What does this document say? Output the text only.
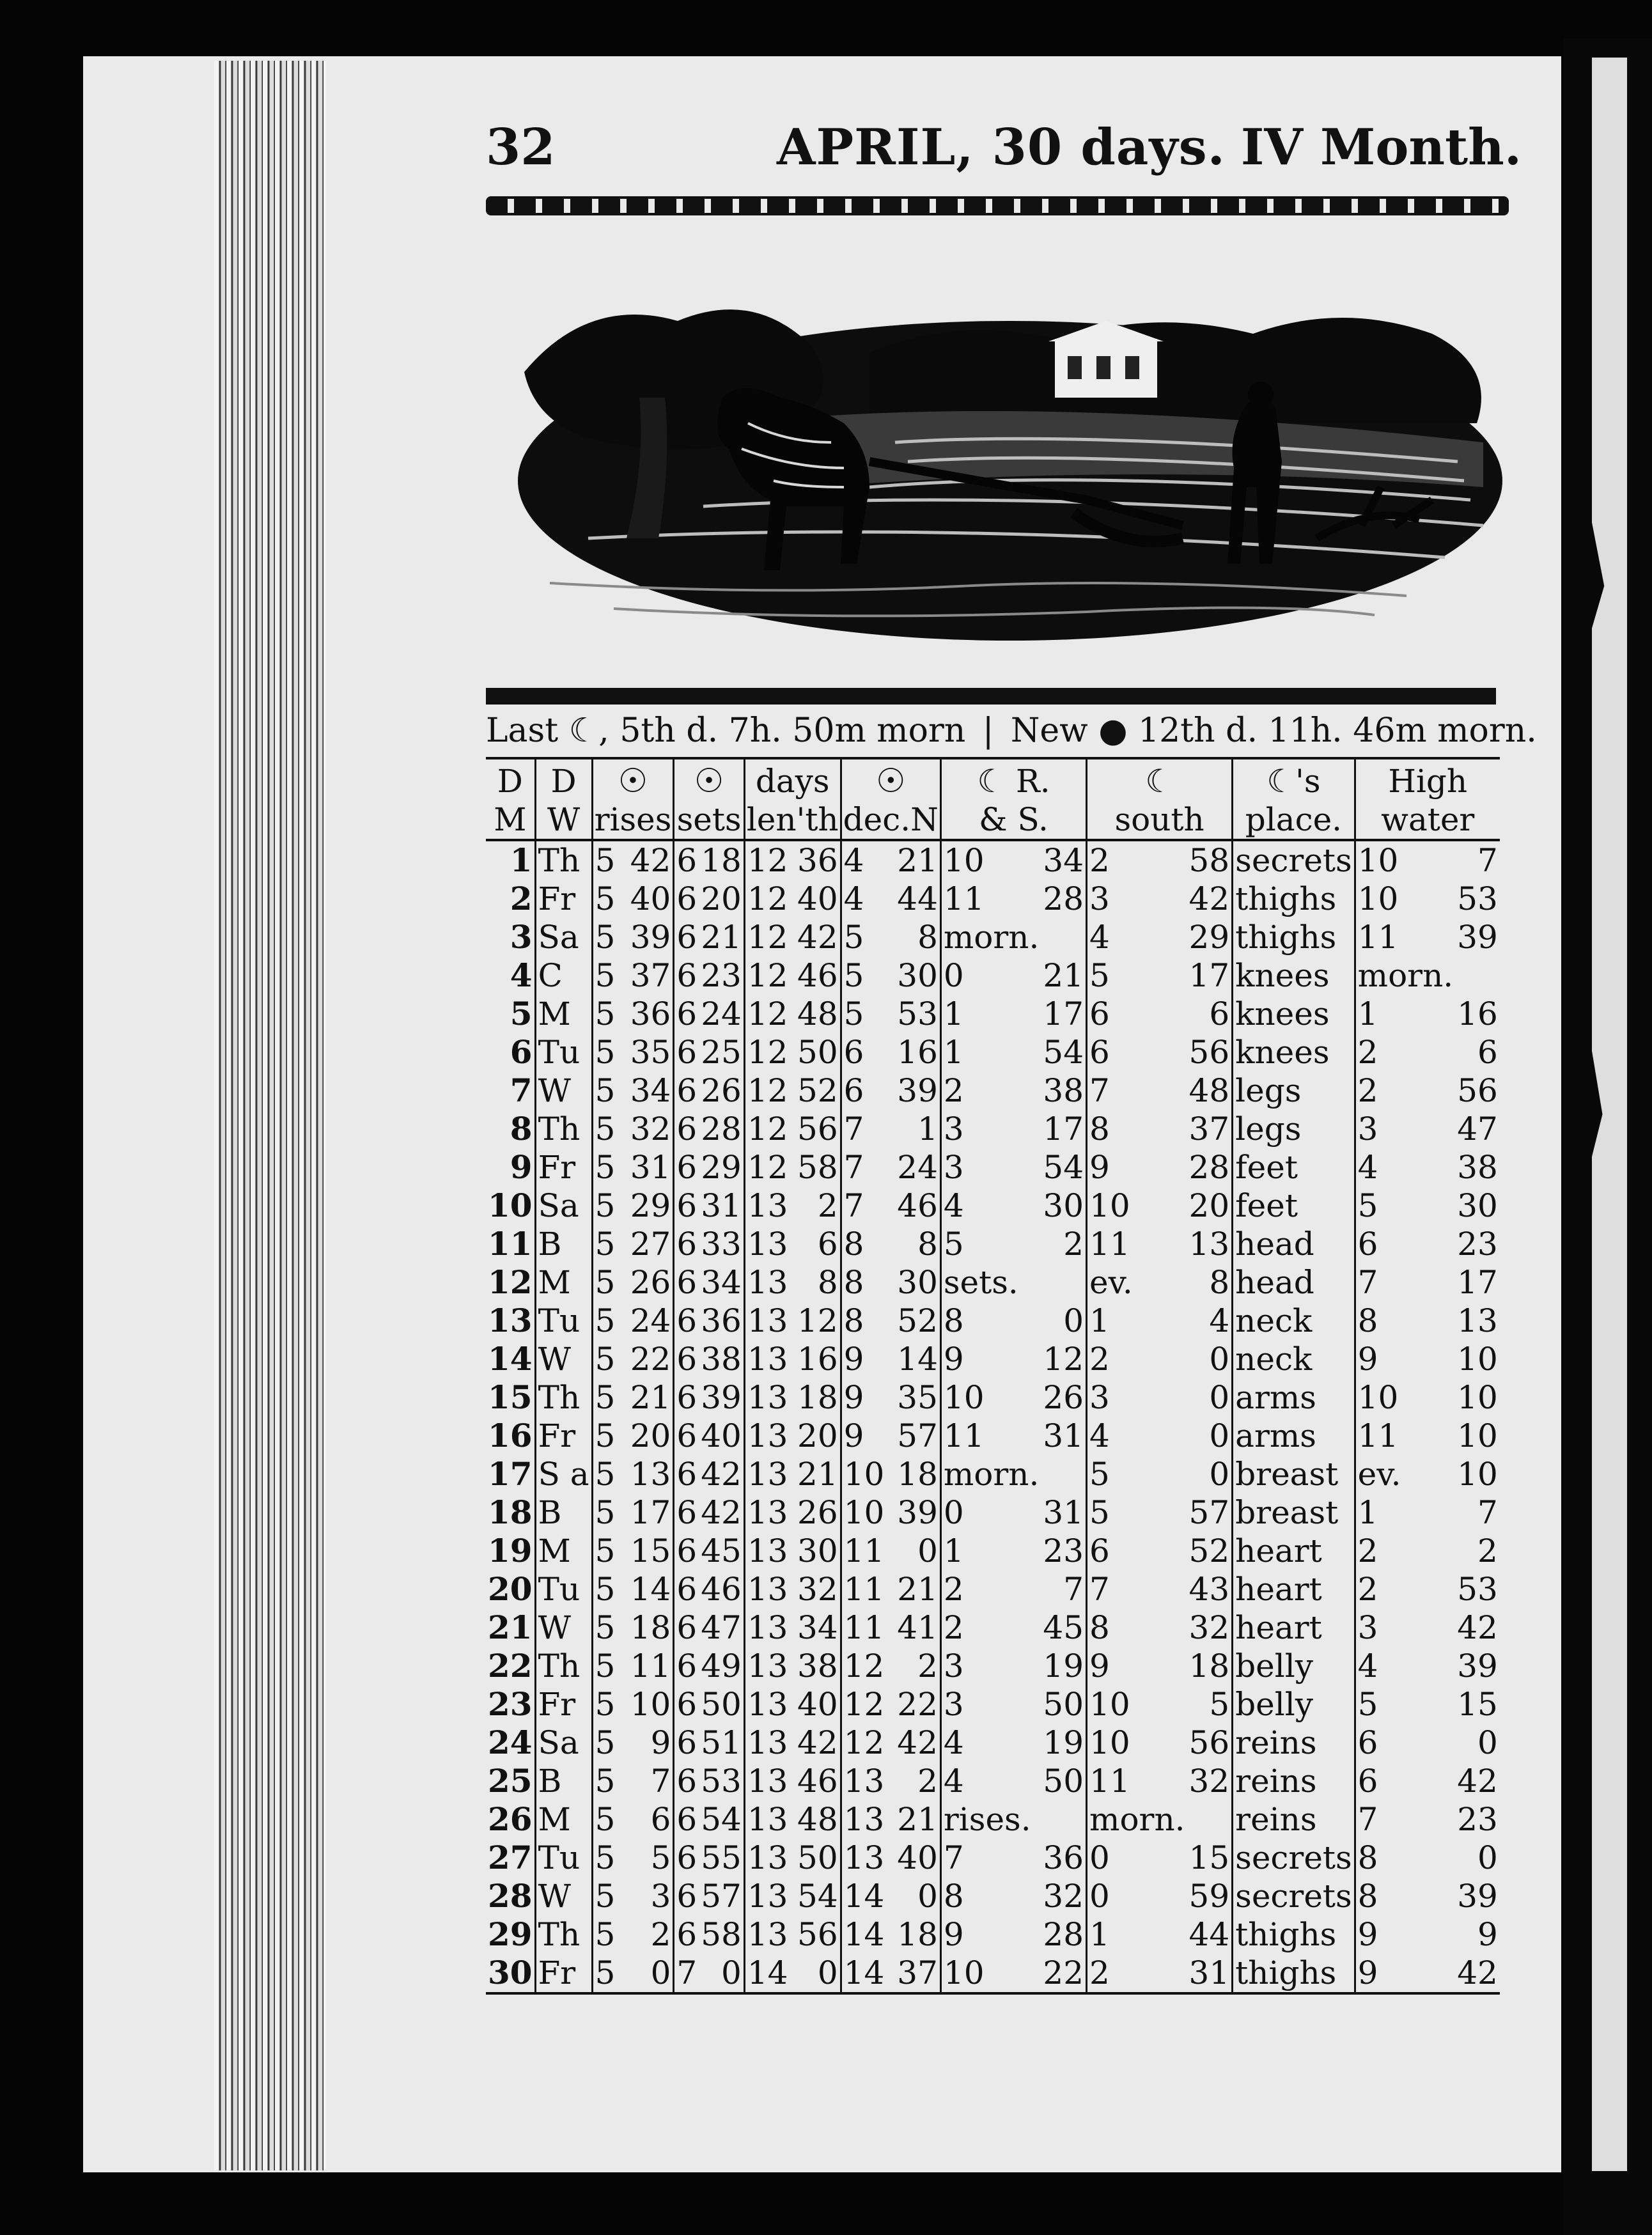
32	APRIL, 30 days. IV Month.
Last ☾, 5th d. 7h. 50m morn | New ● 12th d. 11h. 46m morn.
D	D	☉		☉		days		☉		☾ R.		☾		☾'s	High	
M	W	rises		sets		len'th		dec.N		& S.		south		place.	water	
1	Th	5	42	6	18	12	36	4	21	10	34	2	58	secrets	10	7
2	Fr	5	40	6	20	12	40	4	44	11	28	3	42	thighs	10	53
3	Sa	5	39	6	21	12	42	5	8	morn.		4	29	thighs	11	39
4	C	5	37	6	23	12	46	5	30	0	21	5	17	knees	morn.	
5	M	5	36	6	24	12	48	5	53	1	17	6	6	knees	1	16
6	Tu	5	35	6	25	12	50	6	16	1	54	6	56	knees	2	6
7	W	5	34	6	26	12	52	6	39	2	38	7	48	legs	2	56
8	Th	5	32	6	28	12	56	7	1	3	17	8	37	legs	3	47
9	Fr	5	31	6	29	12	58	7	24	3	54	9	28	feet	4	38
10	Sa	5	29	6	31	13	2	7	46	4	30	10	20	feet	5	30
11	B	5	27	6	33	13	6	8	8	5	2	11	13	head	6	23
12	M	5	26	6	34	13	8	8	30	sets.		ev.	8	head	7	17
13	Tu	5	24	6	36	13	12	8	52	8	0	1	4	neck	8	13
14	W	5	22	6	38	13	16	9	14	9	12	2	0	neck	9	10
15	Th	5	21	6	39	13	18	9	35	10	26	3	0	arms	10	10
16	Fr	5	20	6	40	13	20	9	57	11	31	4	0	arms	11	10
17	S a	5	13	6	42	13	21	10	18	morn.		5	0	breast	ev.	10
18	B	5	17	6	42	13	26	10	39	0	31	5	57	breast	1	7
19	M	5	15	6	45	13	30	11	0	1	23	6	52	heart	2	2
20	Tu	5	14	6	46	13	32	11	21	2	7	7	43	heart	2	53
21	W	5	18	6	47	13	34	11	41	2	45	8	32	heart	3	42
22	Th	5	11	6	49	13	38	12	2	3	19	9	18	belly	4	39
23	Fr	5	10	6	50	13	40	12	22	3	50	10	5	belly	5	15
24	Sa	5	9	6	51	13	42	12	42	4	19	10	56	reins	6	0
25	B	5	7	6	53	13	46	13	2	4	50	11	32	reins	6	42
26	M	5	6	6	54	13	48	13	21	rises.		morn.		reins	7	23
27	Tu	5	5	6	55	13	50	13	40	7	36	0	15	secrets	8	0
28	W	5	3	6	57	13	54	14	0	8	32	0	59	secrets	8	39
29	Th	5	2	6	58	13	56	14	18	9	28	1	44	thighs	9	9
30	Fr	5	0	7	0	14	0	14	37	10	22	2	31	thighs	9	42
